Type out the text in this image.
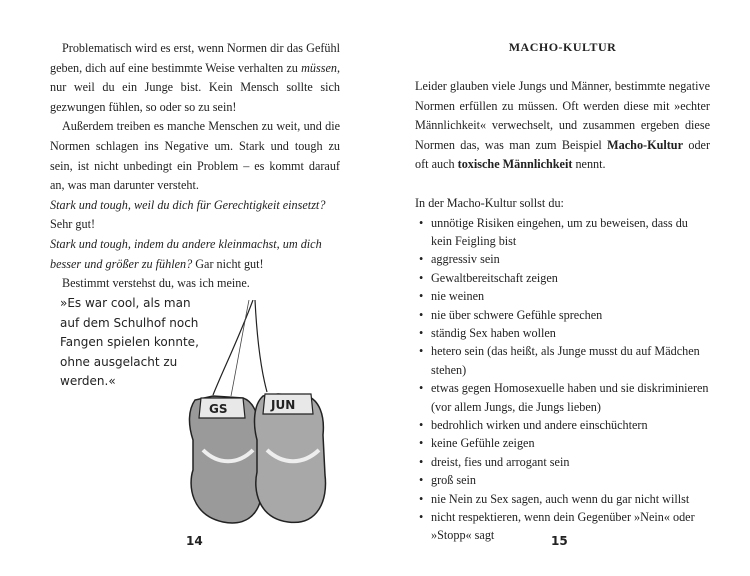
Problematisch wird es erst, wenn Normen dir das Gefühl geben, dich auf eine bestimmte Weise verhalten zu müssen, nur weil du ein Junge bist. Kein Mensch sollte sich gezwungen fühlen, so oder so zu sein!

Außerdem treiben es manche Menschen zu weit, und die Normen schlagen ins Negative um. Stark und tough zu sein, ist nicht unbedingt ein Problem – es kommt darauf an, was man darunter versteht.

Stark und tough, weil du dich für Gerechtigkeit einsetzt? Sehr gut!

Stark und tough, indem du andere kleinmachst, um dich besser und größer zu fühlen? Gar nicht gut!

Bestimmt verstehst du, was ich meine.

»Es war cool, als man auf dem Schulhof noch Fangen spielen konnte, ohne ausgelacht zu werden.«
GS	JUN
14
MACHO-KULTUR

Leider glauben viele Jungs und Männer, bestimmte negative Normen erfüllen zu müssen. Oft werden diese mit »echter Männlichkeit« verwechselt, und zusammen ergeben diese Normen das, was man zum Beispiel Macho-Kultur oder oft auch toxische Männlichkeit nennt.

In der Macho-Kultur sollst du:

• unnötige Risiken eingehen, um zu beweisen, dass du kein Feigling bist
• aggressiv sein
• Gewaltbereitschaft zeigen
• nie weinen
• nie über schwere Gefühle sprechen
• ständig Sex haben wollen
• hetero sein (das heißt, als Junge musst du auf Mädchen stehen)
• etwas gegen Homosexuelle haben und sie diskriminieren (vor allem Jungs, die Jungs lieben)
• bedrohlich wirken und andere einschüchtern
• keine Gefühle zeigen
• dreist, fies und arrogant sein
• groß sein
• nie Nein zu Sex sagen, auch wenn du gar nicht willst
• nicht respektieren, wenn dein Gegenüber »Nein« oder »Stopp« sagt	15
